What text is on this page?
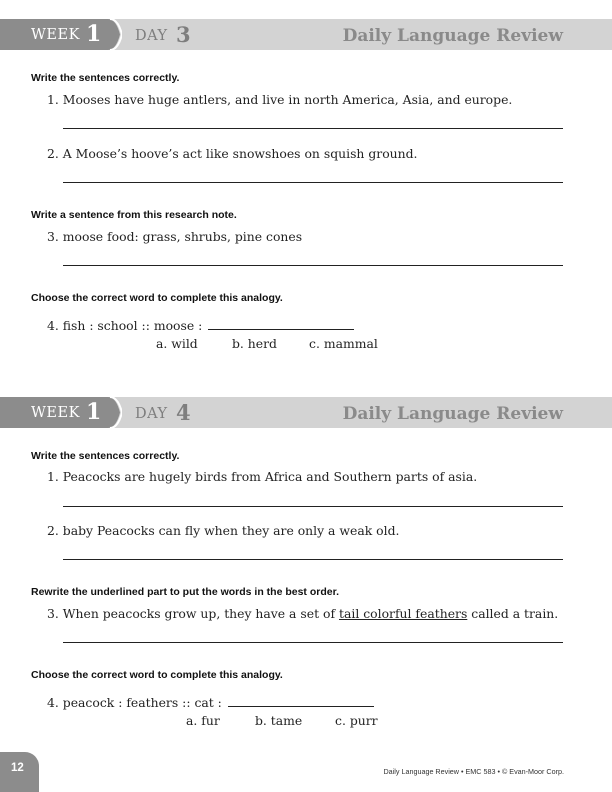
WEEK 1 DAY 3	Daily Language Review
Write the sentences correctly.
1. Mooses have huge antlers, and live in north America, Asia, and europe.
2. A Moose’s hoove’s act like snowshoes on squish ground.
Write a sentence from this research note.
3. moose food: grass, shrubs, pine cones
Choose the correct word to complete this analogy.
4. fish : school :: moose :
a. wild	b. herd	c. mammal
WEEK 1 DAY 4	Daily Language Review
Write the sentences correctly.
1. Peacocks are hugely birds from Africa and Southern parts of asia.
2. baby Peacocks can fly when they are only a weak old.
Rewrite the underlined part to put the words in the best order.
3. When peacocks grow up, they have a set of tail colorful feathers called a train.
Choose the correct word to complete this analogy.
4. peacock : feathers :: cat :
a. fur	b. tame	c. purr
12	Daily Language Review • EMC 583 • © Evan-Moor Corp.
